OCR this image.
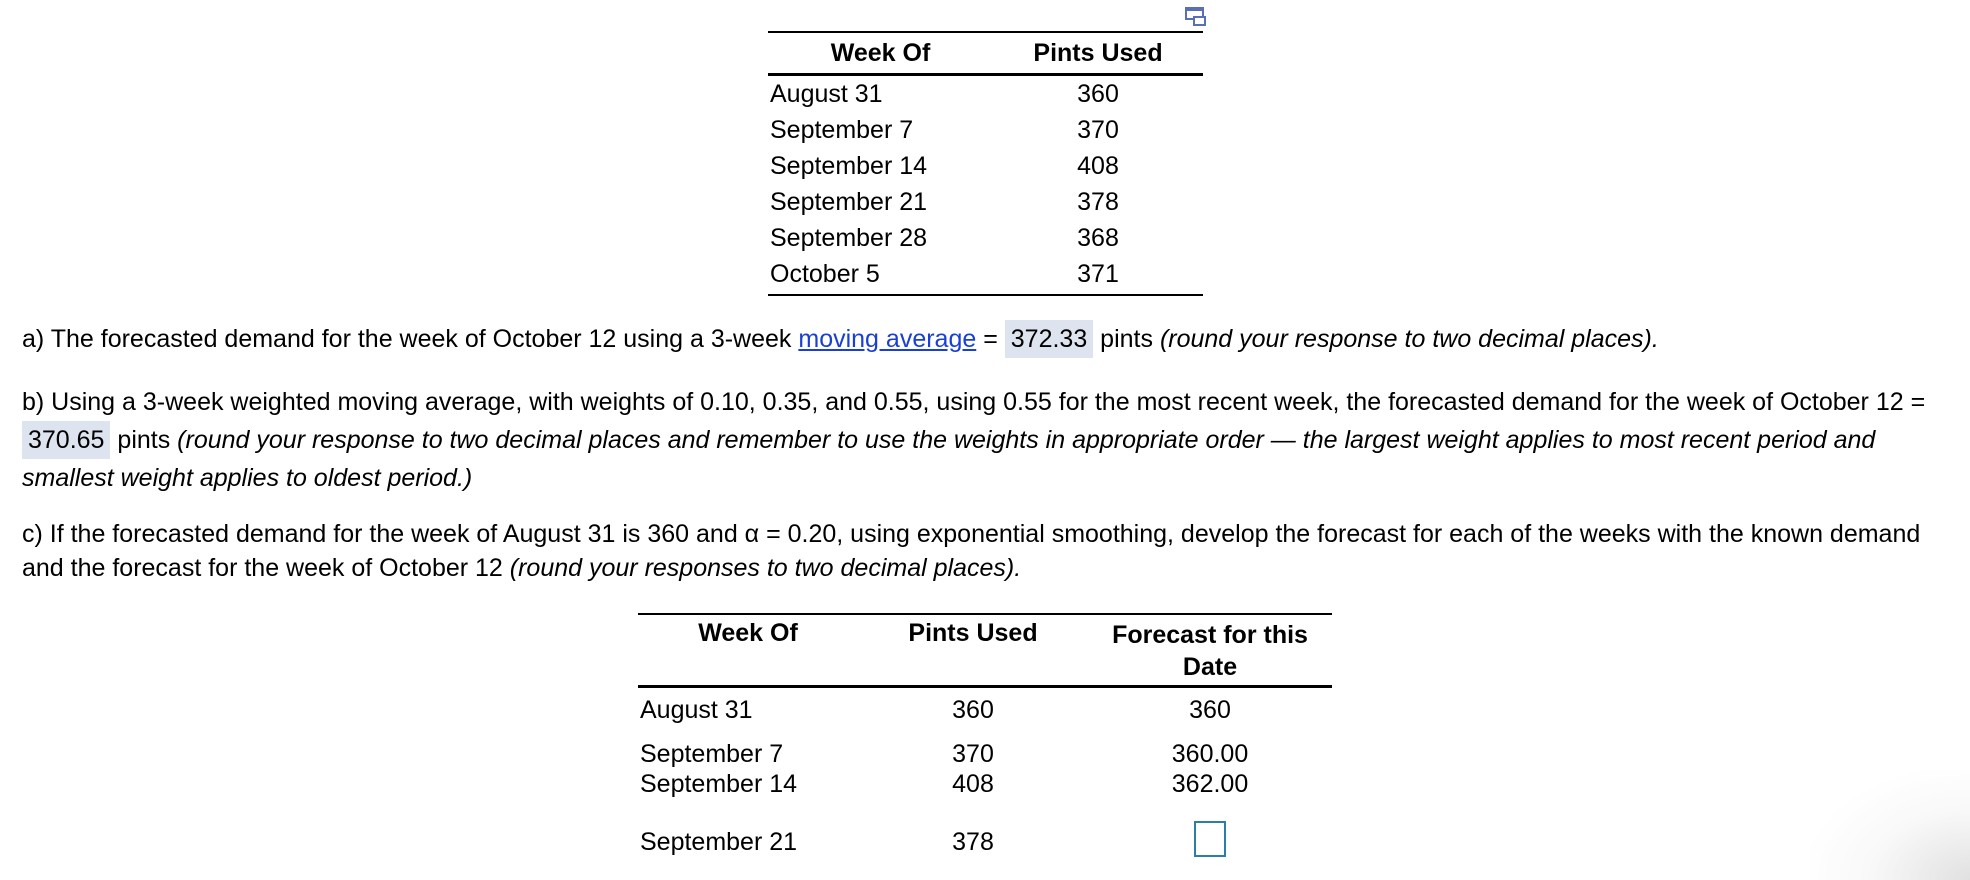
Week Of	Pints Used
August 31	360
September 7	370
September 14	408
September 21	378
September 28	368
October 5	371
a) The forecasted demand for the week of October 12 using a 3-week moving average = 372.33 pints (round your response to two decimal places).
b) Using a 3-week weighted moving average, with weights of 0.10, 0.35, and 0.55, using 0.55 for the most recent week, the forecasted demand for the week of October 12 = 370.65 pints (round your response to two decimal places and remember to use the weights in appropriate order — the largest weight applies to most recent period and smallest weight applies to oldest period.)
c) If the forecasted demand for the week of August 31 is 360 and α = 0.20, using exponential smoothing, develop the forecast for each of the weeks with the known demand and the forecast for the week of October 12 (round your responses to two decimal places).
Week Of	Pints Used	Forecast for this Date
August 31	360	360
September 7	370	360.00
September 14	408	362.00
September 21	378
